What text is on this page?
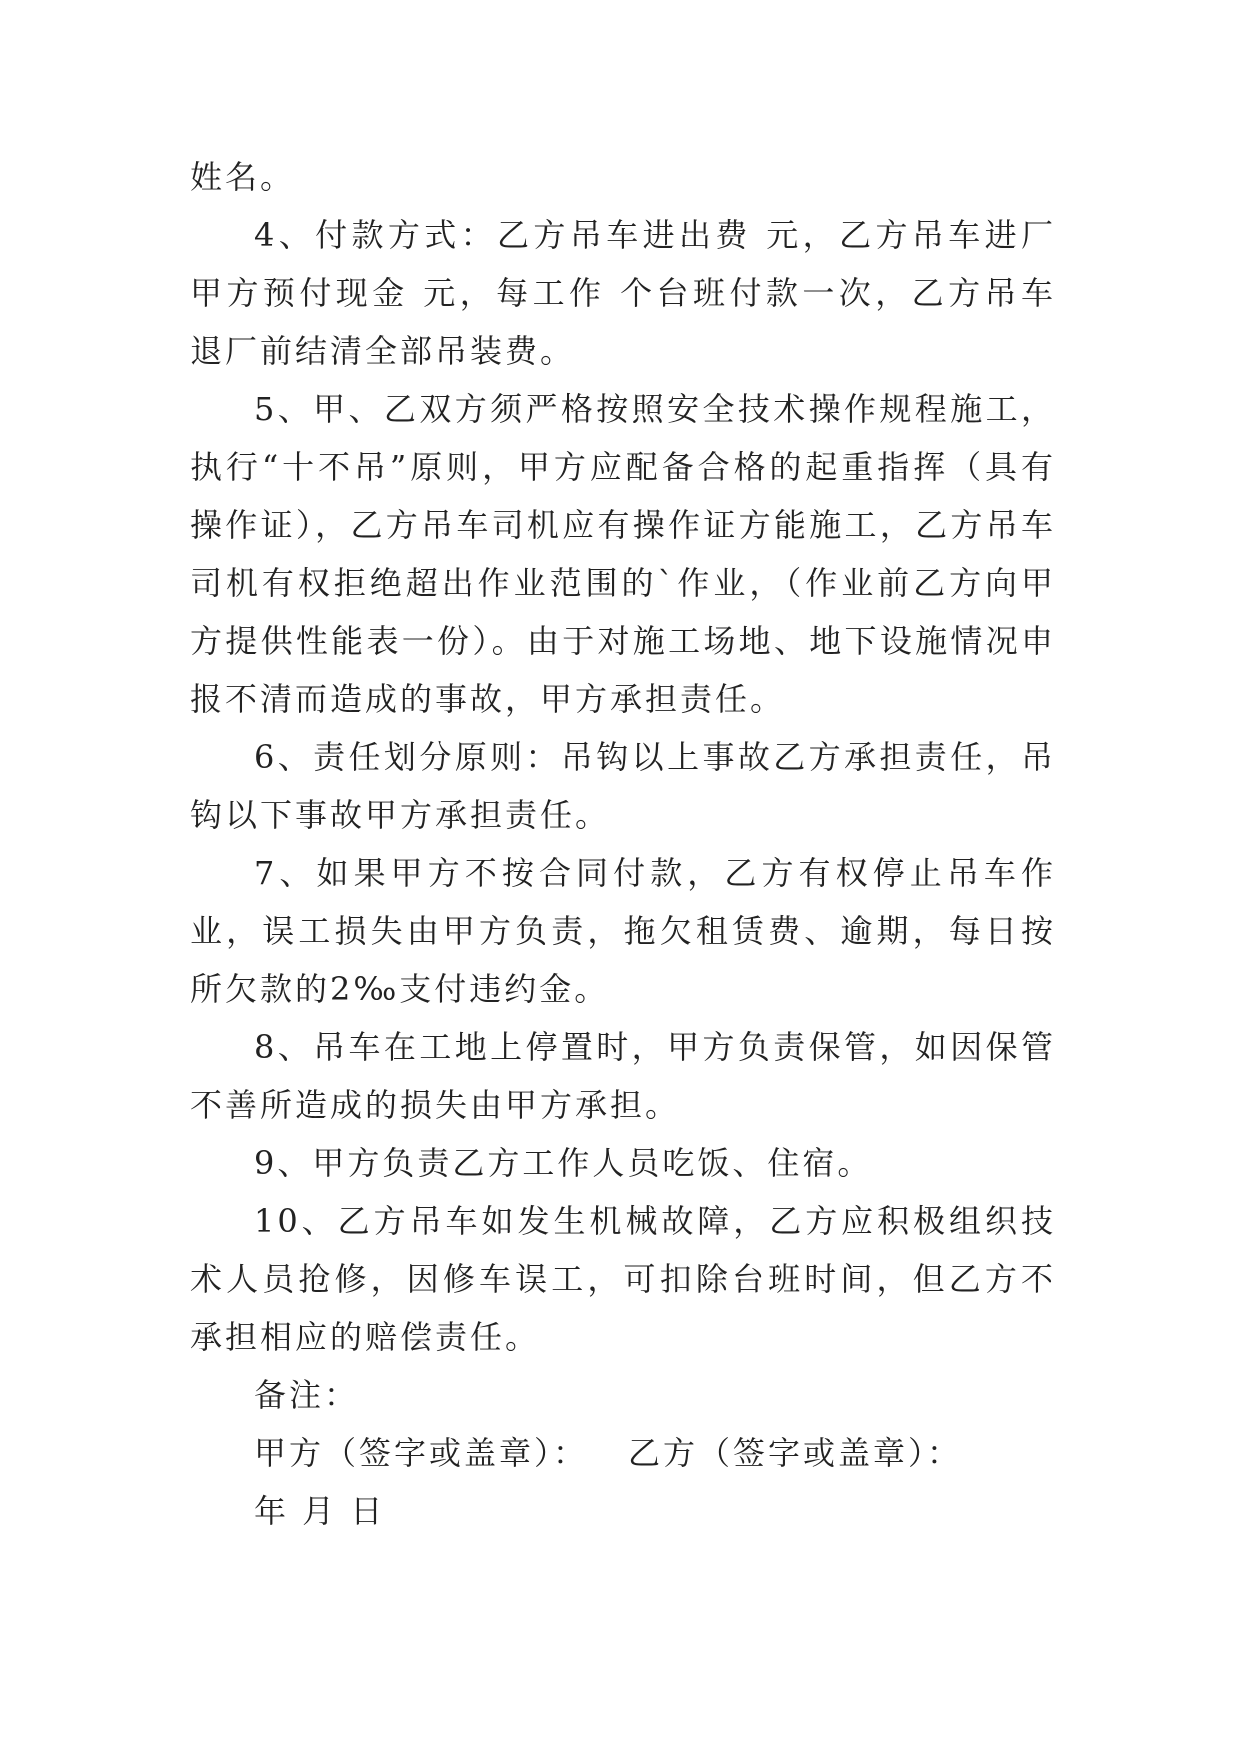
姓名。

4、付款方式：乙方吊车进出费 元，乙方吊车进厂甲方预付现金 元，每工作 个台班付款一次，乙方吊车退厂前结清全部吊装费。

5、甲、乙双方须严格按照安全技术操作规程施工，执行“十不吊”原则，甲方应配备合格的起重指挥（具有操作证），乙方吊车司机应有操作证方能施工，乙方吊车司机有权拒绝超出作业范围的`作业，（作业前乙方向甲方提供性能表一份）。由于对施工场地、地下设施情况申报不清而造成的事故，甲方承担责任。

6、责任划分原则：吊钩以上事故乙方承担责任，吊钩以下事故甲方承担责任。

7、如果甲方不按合同付款，乙方有权停止吊车作业，误工损失由甲方负责，拖欠租赁费、逾期，每日按所欠款的2‰支付违约金。

8、吊车在工地上停置时，甲方负责保管，如因保管不善所造成的损失由甲方承担。

9、甲方负责乙方工作人员吃饭、住宿。

10、乙方吊车如发生机械故障，乙方应积极组织技术人员抢修，因修车误工，可扣除台班时间，但乙方不承担相应的赔偿责任。

备注：

甲方（签字或盖章）： 乙方（签字或盖章）：

年 月 日
